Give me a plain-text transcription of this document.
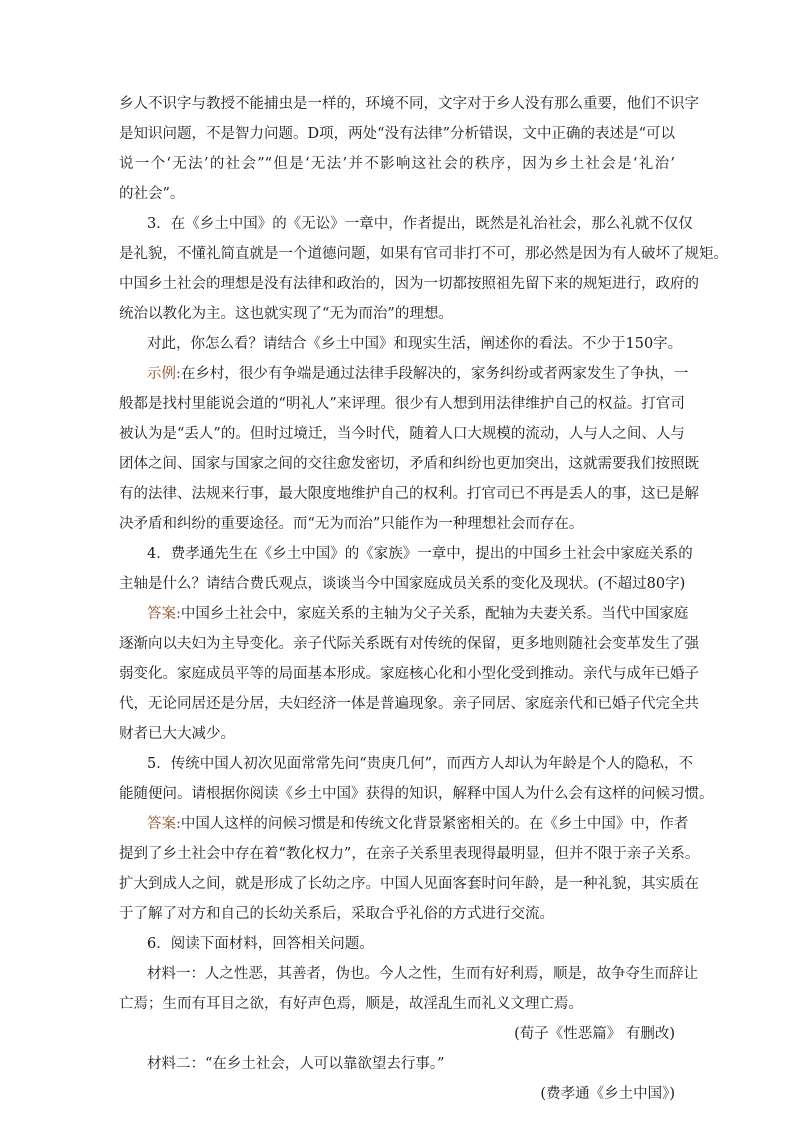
乡人不识字与教授不能捕虫是一样的，环境不同，文字对于乡人没有那么重要，他们不识字
是知识问题，不是智力问题。D项，两处“没有法律”分析错误，文中正确的表述是“可以
说一个‘无法’的社会”“但是‘无法’并不影响这社会的秩序，因为乡土社会是‘礼治’
的社会”。
3．在《乡土中国》的《无讼》一章中，作者提出，既然是礼治社会，那么礼就不仅仅
是礼貌，不懂礼简直就是一个道德问题，如果有官司非打不可，那必然是因为有人破坏了规矩。
中国乡土社会的理想是没有法律和政治的，因为一切都按照祖先留下来的规矩进行，政府的
统治以教化为主。这也就实现了“无为而治”的理想。
对此，你怎么看？请结合《乡土中国》和现实生活，阐述你的看法。不少于150字。
示例:在乡村，很少有争端是通过法律手段解决的，家务纠纷或者两家发生了争执，一
般都是找村里能说会道的“明礼人”来评理。很少有人想到用法律维护自己的权益。打官司
被认为是“丢人”的。但时过境迁，当今时代，随着人口大规模的流动，人与人之间、人与
团体之间、国家与国家之间的交往愈发密切，矛盾和纠纷也更加突出，这就需要我们按照既
有的法律、法规来行事，最大限度地维护自己的权利。打官司已不再是丢人的事，这已是解
决矛盾和纠纷的重要途径。而“无为而治”只能作为一种理想社会而存在。
4．费孝通先生在《乡土中国》的《家族》一章中，提出的中国乡土社会中家庭关系的
主轴是什么？请结合费氏观点，谈谈当今中国家庭成员关系的变化及现状。(不超过80字)
答案:中国乡土社会中，家庭关系的主轴为父子关系，配轴为夫妻关系。当代中国家庭
逐渐向以夫妇为主导变化。亲子代际关系既有对传统的保留，更多地则随社会变革发生了强
弱变化。家庭成员平等的局面基本形成。家庭核心化和小型化受到推动。亲代与成年已婚子
代，无论同居还是分居，夫妇经济一体是普遍现象。亲子同居、家庭亲代和已婚子代完全共
财者已大大减少。
5．传统中国人初次见面常常先问“贵庚几何”，而西方人却认为年龄是个人的隐私，不
能随便问。请根据你阅读《乡土中国》获得的知识，解释中国人为什么会有这样的问候习惯。
答案:中国人这样的问候习惯是和传统文化背景紧密相关的。在《乡土中国》中，作者
提到了乡土社会中存在着“教化权力”，在亲子关系里表现得最明显，但并不限于亲子关系。
扩大到成人之间，就是形成了长幼之序。中国人见面客套时问年龄，是一种礼貌，其实质在
于了解了对方和自己的长幼关系后，采取合乎礼俗的方式进行交流。
6．阅读下面材料，回答相关问题。
材料一：人之性恶，其善者，伪也。今人之性，生而有好利焉，顺是，故争夺生而辞让
亡焉；生而有耳目之欲，有好声色焉，顺是，故淫乱生而礼义文理亡焉。
(荀子《性恶篇》 有删改)
材料二：“在乡土社会，人可以靠欲望去行事。”
(费孝通《乡土中国》)
